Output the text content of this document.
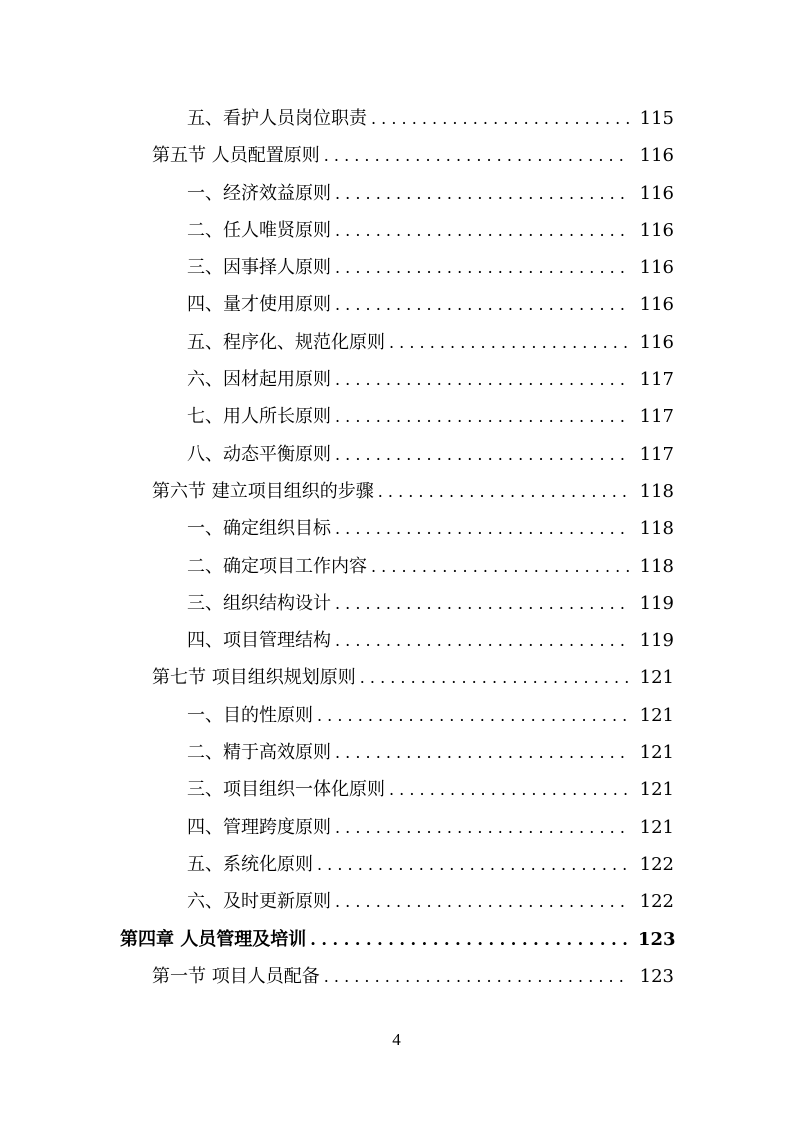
五、看护人员岗位职责 . . .	115
第五节 人员配置原则 . . .	116
一、经济效益原则 . . .	116
二、任人唯贤原则 . . .	116
三、因事择人原则 . . .	116
四、量才使用原则 . . .	116
五、程序化、规范化原则 . . .	116
六、因材起用原则 . . .	117
七、用人所长原则 . . .	117
八、动态平衡原则 . . .	117
第六节 建立项目组织的步骤 . . .	118
一、确定组织目标 . . .	118
二、确定项目工作内容 . . .	118
三、组织结构设计 . . .	119
四、项目管理结构 . . .	119
第七节 项目组织规划原则 . . .	121
一、目的性原则 . . .	121
二、精于高效原则 . . .	121
三、项目组织一体化原则 . . .	121
四、管理跨度原则 . . .	121
五、系统化原则 . . .	122
六、及时更新原则 . . .	122
第四章 人员管理及培训 . . .	123
第一节 项目人员配备 . . .	123
4
